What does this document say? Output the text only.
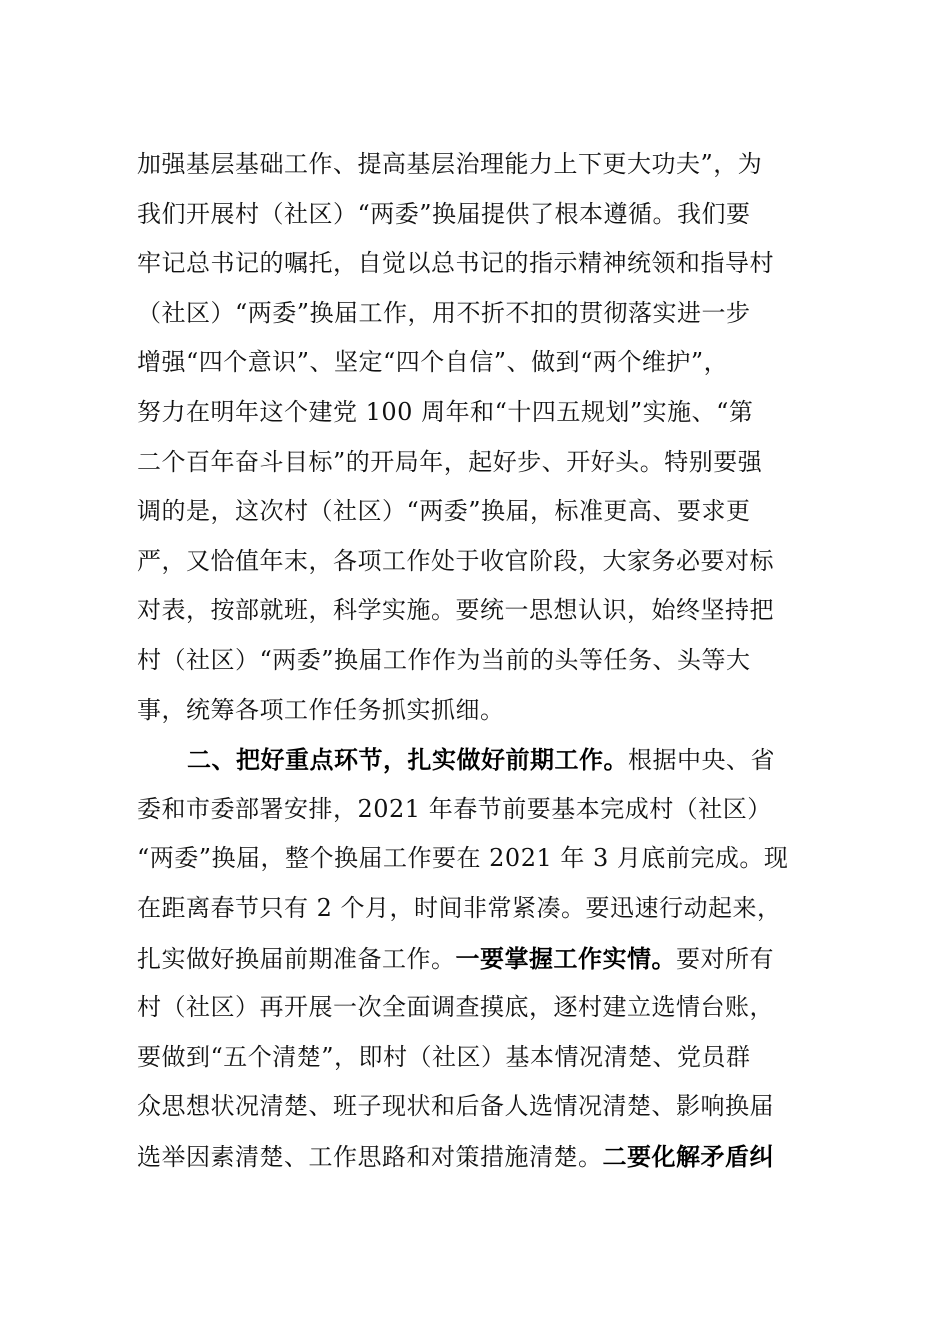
加强基层基础工作、提高基层治理能力上下更大功夫”，为
我们开展村（社区）“两委”换届提供了根本遵循。我们要
牢记总书记的嘱托，自觉以总书记的指示精神统领和指导村
（社区）“两委”换届工作，用不折不扣的贯彻落实进一步
增强“四个意识”、坚定“四个自信”、做到“两个维护”，
努力在明年这个建党 100 周年和“十四五规划”实施、“第
二个百年奋斗目标”的开局年，起好步、开好头。特别要强
调的是，这次村（社区）“两委”换届，标准更高、要求更
严，又恰值年末，各项工作处于收官阶段，大家务必要对标
对表，按部就班，科学实施。要统一思想认识，始终坚持把
村（社区）“两委”换届工作作为当前的头等任务、头等大
事，统筹各项工作任务抓实抓细。
二、把好重点环节，扎实做好前期工作。根据中央、省
委和市委部署安排，2021 年春节前要基本完成村（社区）
“两委”换届，整个换届工作要在 2021 年 3 月底前完成。现
在距离春节只有 2 个月，时间非常紧凑。要迅速行动起来，
扎实做好换届前期准备工作。一要掌握工作实情。要对所有
村（社区）再开展一次全面调查摸底，逐村建立选情台账，
要做到“五个清楚”，即村（社区）基本情况清楚、党员群
众思想状况清楚、班子现状和后备人选情况清楚、影响换届
选举因素清楚、工作思路和对策措施清楚。二要化解矛盾纠
